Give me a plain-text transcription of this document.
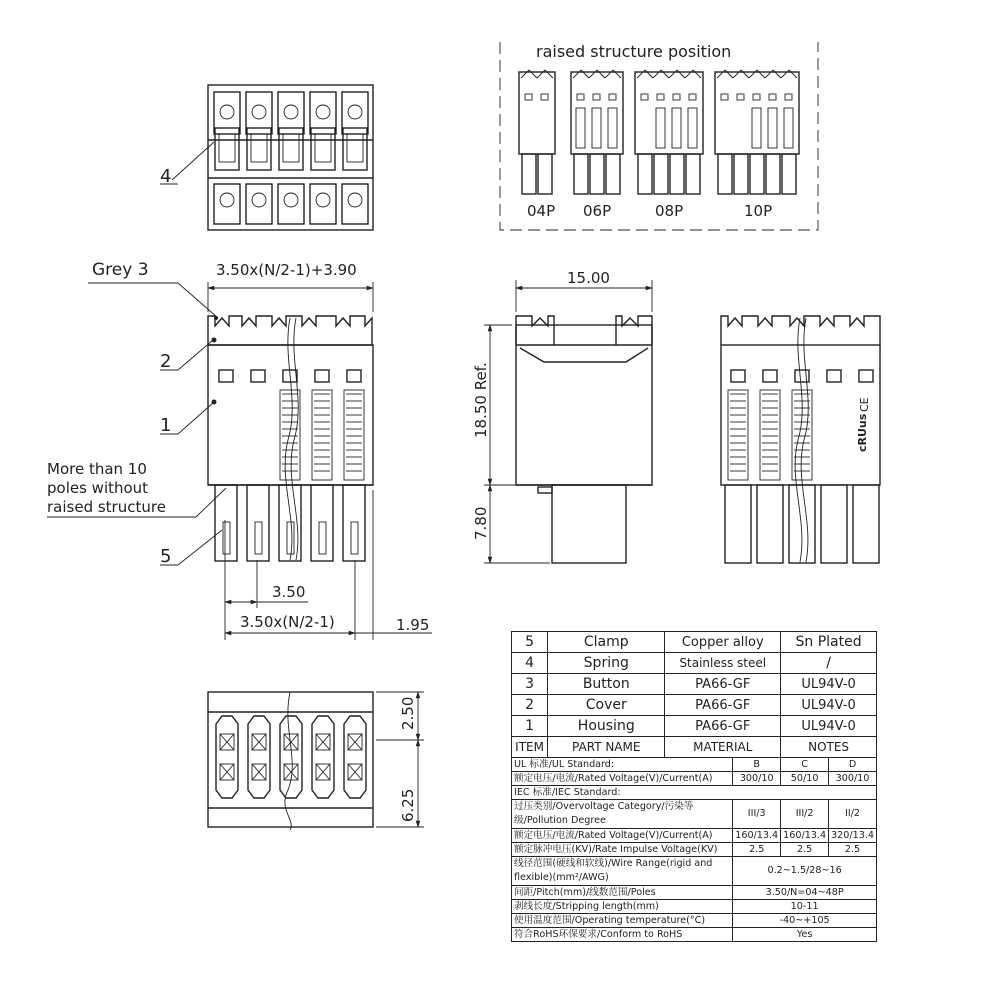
4
raised structure position
04P 06P	08P	10P
Grey 3
2
1
More than 10
poles without
raised structure
5
3.50x(N/2-1)+3.90
3.50
3.50x(N/2-1)	1.95
15.00
18.50 Ref.
7.80
CE
cRUus
2.50
6.25
5	Clamp	Copper alloy		Sn Plated	
4	Spring	Stainless steel		/	
3	Button	PA66-GF		UL94V-0	
2	Cover	PA66-GF		UL94V-0	
1	Housing	PA66-GF		UL94V-0	
ITEM	PART NAME	MATERIAL		NOTES	
UL 标准/UL Standard:			B	C	D
额定电压/电流/Rated Voltage(V)/Current(A)			300/10	50/10	300/10
IEC 标准/IEC Standard:					
过压类别/Overvoltage Category/污染等级/Pollution Degree			III/3	III/2	II/2
额定电压/电流/Rated Voltage(V)/Current(A)			160/13.4	160/13.4	320/13.4
额定脉冲电压(KV)/Rate Impulse Voltage(KV)			2.5	2.5	2.5
线径范围(硬线和软线)/Wire Range(rigid and flexible)(mm²/AWG)			0.2~1.5/28~16		
间距/Pitch(mm)/线数范围/Poles			3.50/N=04~48P		
剥线长度/Stripping length(mm)			10-11		
使用温度范围/Operating temperature(°C)			-40~+105		
符合RoHS环保要求/Conform to RoHS			Yes		
